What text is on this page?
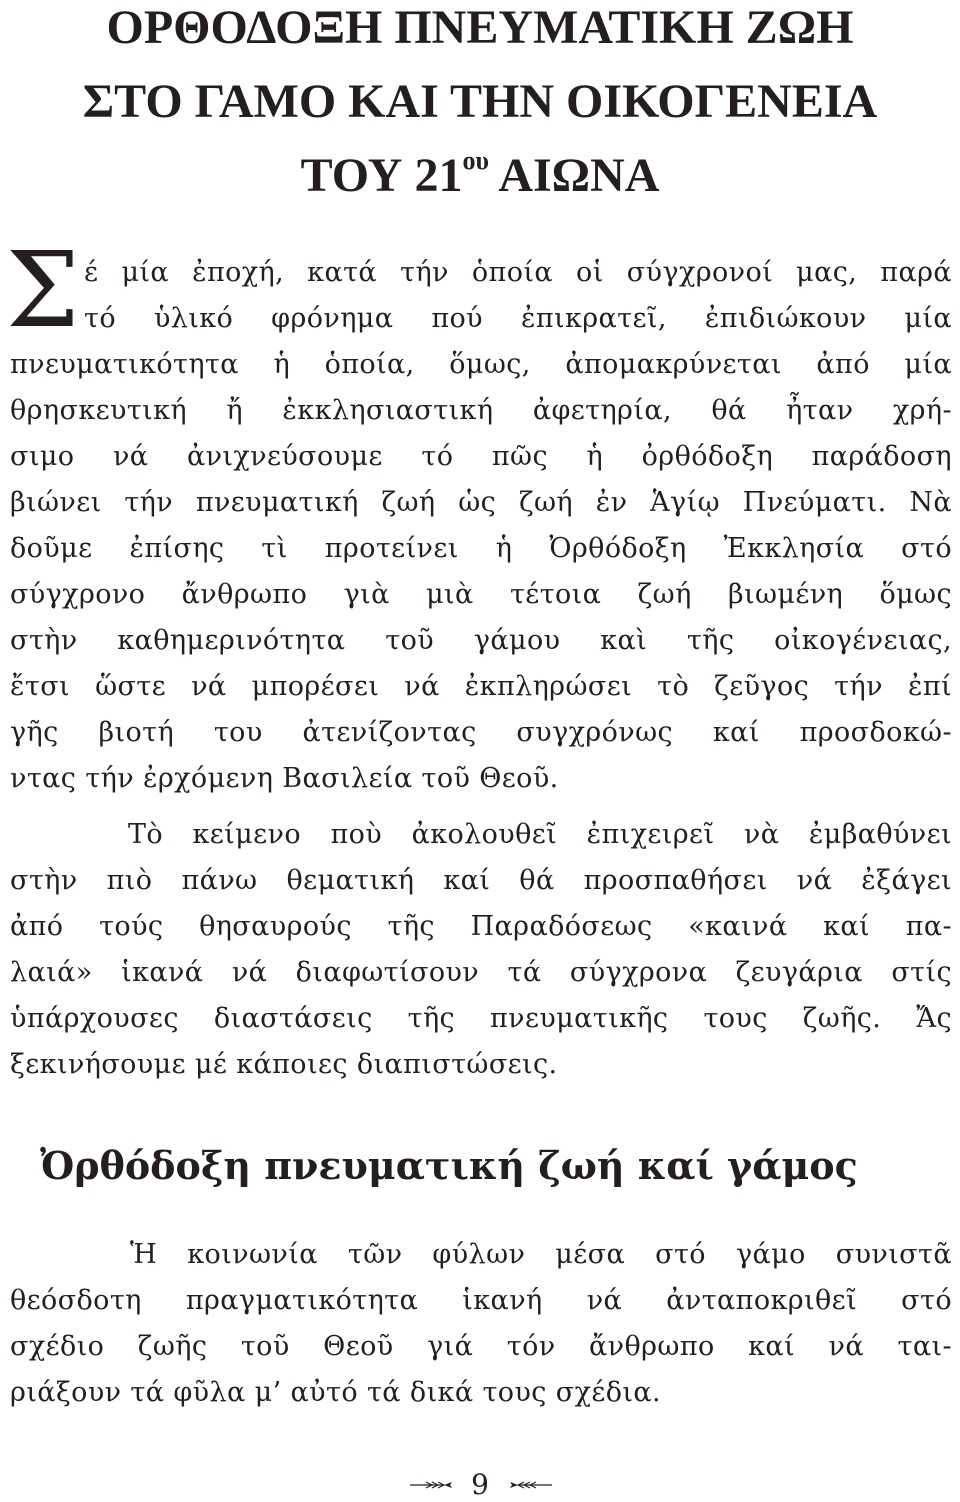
ΟΡΘΟΔΟΞΗ ΠΝΕΥΜΑΤΙΚΗ ΖΩΗ
ΣΤΟ ΓΑΜΟ ΚΑΙ ΤΗΝ ΟΙΚΟΓΕΝΕΙΑ
ΤΟΥ $21^{o\upsilon}$ ΑΙΩΝΑ
Σ έ μία ἐποχή, κατά τήν ὁποία οἱ σύγχρονοί μας, παρά
τό ὑλικό φρόνημα πού ἐπικρατεῖ, ἐπιδιώκουν μία
πνευματικότητα ἡ ὁποία, ὅμως, ἀπομακρύνεται ἀπό μία
θρησκευτική ἤ ἐκκλησιαστική ἀφετηρία, θά ἦταν χρή-
σιμο νά ἀνιχνεύσουμε τό πῶς ἡ ὀρθόδοξη παράδοση
βιώνει τήν πνευματική ζωή ὡς ζωή ἐν Ἁγίῳ Πνεύματι. Νὰ
δοῦμε ἐπίσης τὶ προτείνει ἡ Ὀρθόδοξη Ἐκκλησία στό
σύγχρονο ἄνθρωπο γιὰ μιὰ τέτοια ζωή βιωμένη ὅμως
στὴν καθημερινότητα τοῦ γάμου καὶ τῆς οἰκογένειας,
ἔτσι ὥστε νά μπορέσει νά ἐκπληρώσει τὸ ζεῦγος τήν ἐπί
γῆς βιοτή του ἀτενίζοντας συγχρόνως καί προσδοκώ-
ντας τήν ἐρχόμενη Βασιλεία τοῦ Θεοῦ.
Τὸ κείμενο ποὺ ἀκολουθεῖ ἐπιχειρεῖ νὰ ἐμβαθύνει
στὴν πιὸ πάνω θεματική καί θά προσπαθήσει νά ἐξάγει
ἀπό τούς θησαυρούς τῆς Παραδόσεως «καινά καί πα-
λαιά» ἱκανά νά διαφωτίσουν τά σύγχρονα ζευγάρια στίς
ὑπάρχουσες διαστάσεις τῆς πνευματικῆς τους ζωῆς. Ἄς
ξεκινήσουμε μέ κάποιες διαπιστώσεις.
Ὀρθόδοξη πνευματική ζωή καί γάμος
Ἡ κοινωνία τῶν φύλων μέσα στό γάμο συνιστᾶ
θεόσδοτη πραγματικότητα ἱκανή νά ἀνταποκριθεῖ στό
σχέδιο ζωῆς τοῦ Θεοῦ γιά τόν ἄνθρωπο καί νά ται-
ριάξουν τά φῦλα μ’ αὐτό τά δικά τους σχέδια.
9
